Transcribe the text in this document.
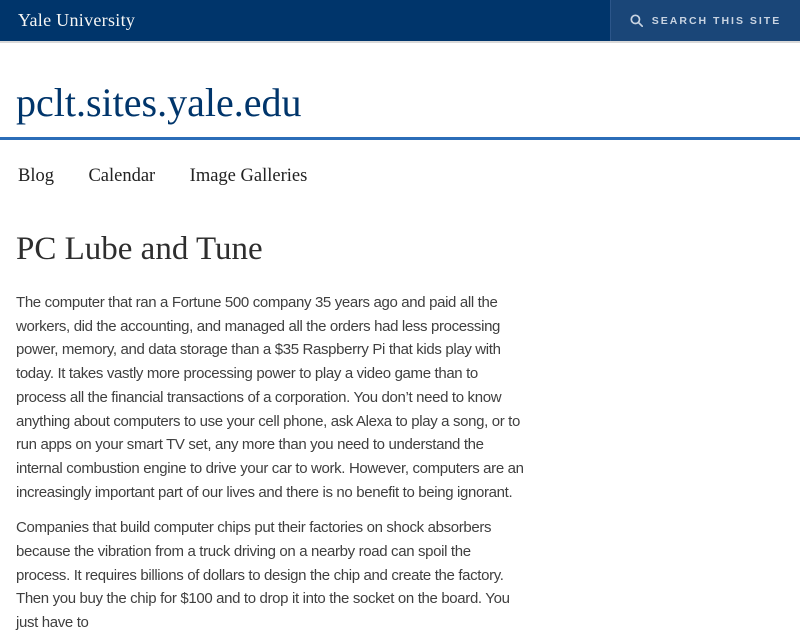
Yale University	SEARCH THIS SITE
pclt.sites.yale.edu
Blog Calendar Image Galleries
PC Lube and Tune

The computer that ran a Fortune 500 company 35 years ago and paid all the workers, did the accounting, and managed all the orders had less processing power, memory, and data storage than a $35 Raspberry Pi that kids play with today. It takes vastly more processing power to play a video game than to process all the financial transactions of a corporation. You don’t need to know anything about computers to use your cell phone, ask Alexa to play a song, or to run apps on your smart TV set, any more than you need to understand the internal combustion engine to drive your car to work. However, computers are an increasingly important part of our lives and there is no benefit to being ignorant.

Companies that build computer chips put their factories on shock absorbers because the vibration from a truck driving on a nearby road can spoil the process. It requires billions of dollars to design the chip and create the factory. Then you buy the chip for $100 and to drop it into the socket on the board. You just have to
